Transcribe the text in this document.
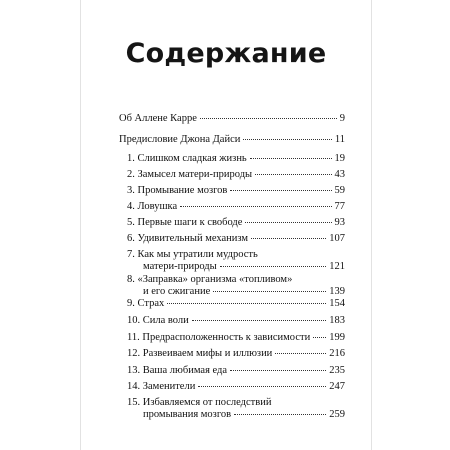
Содержание
Об Аллене Карре	9
Предисловие Джона Дайси	11
1. Слишком сладкая жизнь	19
2. Замысел матери-природы	43
3. Промывание мозгов	59
4. Ловушка	77
5. Первые шаги к свободе	93
6. Удивительный механизм	107
7. Как мы утратили мудрость
матери-природы	121
8. «Заправка» организма «топливом»
и его сжигание	139
9. Страх	154
10. Сила воли	183
11. Предрасположенность к зависимости 199
12. Развеиваем мифы и иллюзии	216
13. Ваша любимая еда	235
14. Заменители	247
15. Избавляемся от последствий
промывания мозгов	259
